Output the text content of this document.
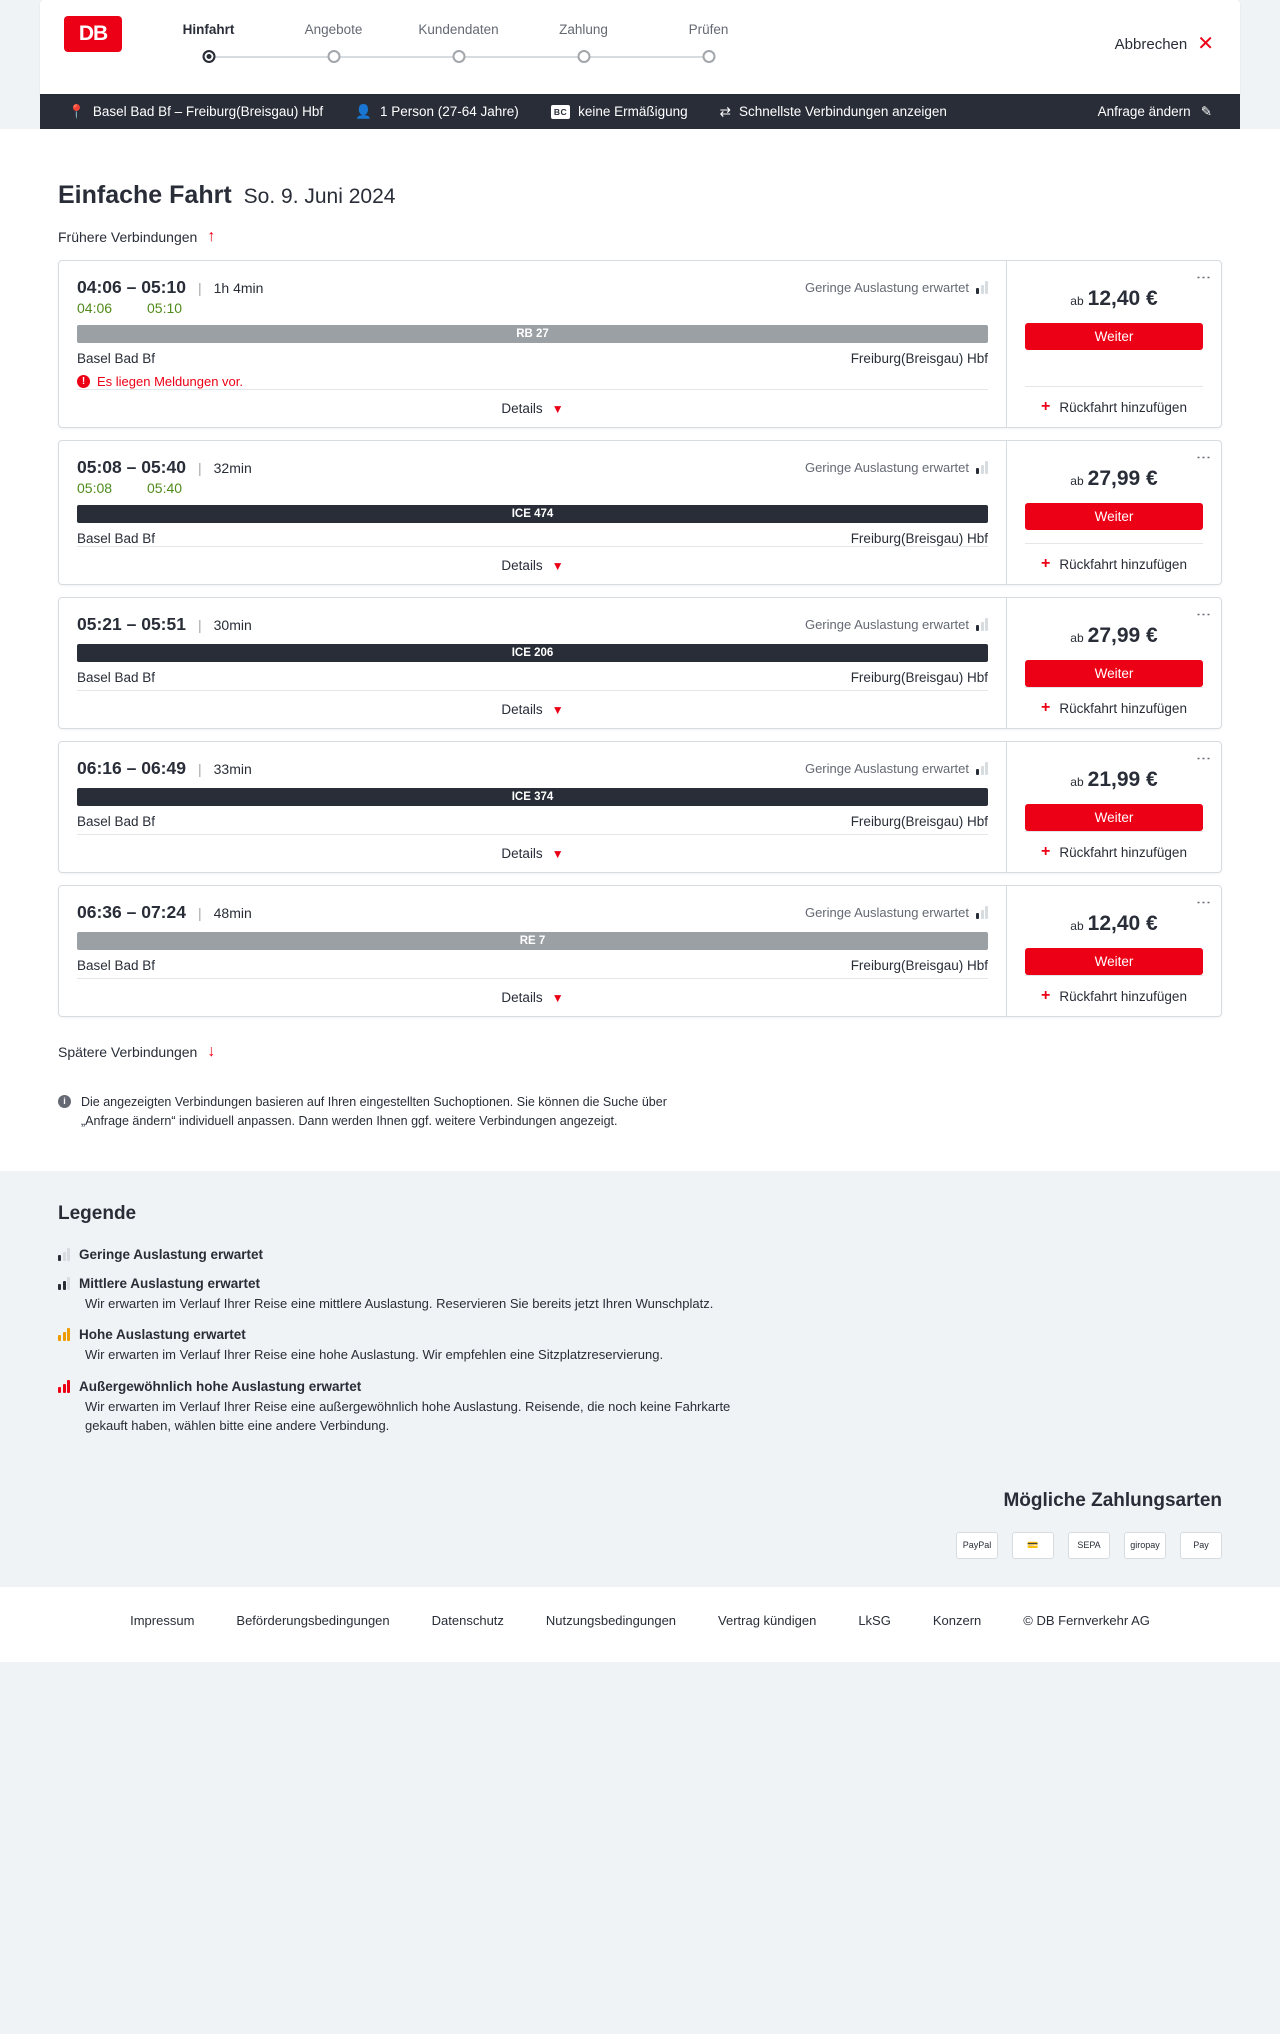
DB	Hinfahrt	Angebote	Kundendaten	Zahlung	Prüfen
Abbrechen ✕
📍 Basel Bad Bf – Freiburg(Breisgau) Hbf 👤 1 Person (27-64 Jahre)	BC keine Ermäßigung ⇄ Schnellste Verbindungen anzeigen	Anfrage ändern ✎
Einfache Fahrt So. 9. Juni 2024
Frühere Verbindungen ↑
04:06 – 05:10 | 1h 4min	Geringe Auslastung erwartet
04:06	05:10
RB 27
Basel Bad Bf	Freiburg(Breisgau) Hbf
! Es liegen Meldungen vor.
Details ▼
⋮
ab 12,40 €
Weiter
+ Rückfahrt hinzufügen
05:08 – 05:40 | 32min	Geringe Auslastung erwartet
05:08	05:40
ICE 474
Basel Bad Bf	Freiburg(Breisgau) Hbf
Details ▼
⋮
ab 27,99 €
Weiter
+ Rückfahrt hinzufügen
05:21 – 05:51 | 30min	Geringe Auslastung erwartet
ICE 206
Basel Bad Bf	Freiburg(Breisgau) Hbf
Details ▼
⋮
ab 27,99 €
Weiter
+ Rückfahrt hinzufügen
06:16 – 06:49 | 33min	Geringe Auslastung erwartet
ICE 374
Basel Bad Bf	Freiburg(Breisgau) Hbf
Details ▼
⋮
ab 21,99 €
Weiter
+ Rückfahrt hinzufügen
06:36 – 07:24 | 48min	Geringe Auslastung erwartet
RE 7
Basel Bad Bf	Freiburg(Breisgau) Hbf
Details ▼
⋮
ab 12,40 €
Weiter
+ Rückfahrt hinzufügen
Spätere Verbindungen ↓
i	Die angezeigten Verbindungen basieren auf Ihren eingestellten Suchoptionen. Sie können die Suche über „Anfrage ändern“ individuell anpassen. Dann werden Ihnen ggf. weitere Verbindungen angezeigt.
Legende
Geringe Auslastung erwartet
Mittlere Auslastung erwartet
Wir erwarten im Verlauf Ihrer Reise eine mittlere Auslastung. Reservieren Sie bereits jetzt Ihren Wunschplatz.
Hohe Auslastung erwartet
Wir erwarten im Verlauf Ihrer Reise eine hohe Auslastung. Wir empfehlen eine Sitzplatzreservierung.
Außergewöhnlich hohe Auslastung erwartet
Wir erwarten im Verlauf Ihrer Reise eine außergewöhnlich hohe Auslastung. Reisende, die noch keine Fahrkarte gekauft haben, wählen bitte eine andere Verbindung.
Mögliche Zahlungsarten
PayPal	💳	SEPA	giropay	Pay
Impressum	Beförderungsbedingungen	Datenschutz	Nutzungsbedingungen	Vertrag kündigen	LkSG	Konzern	© DB Fernverkehr AG
